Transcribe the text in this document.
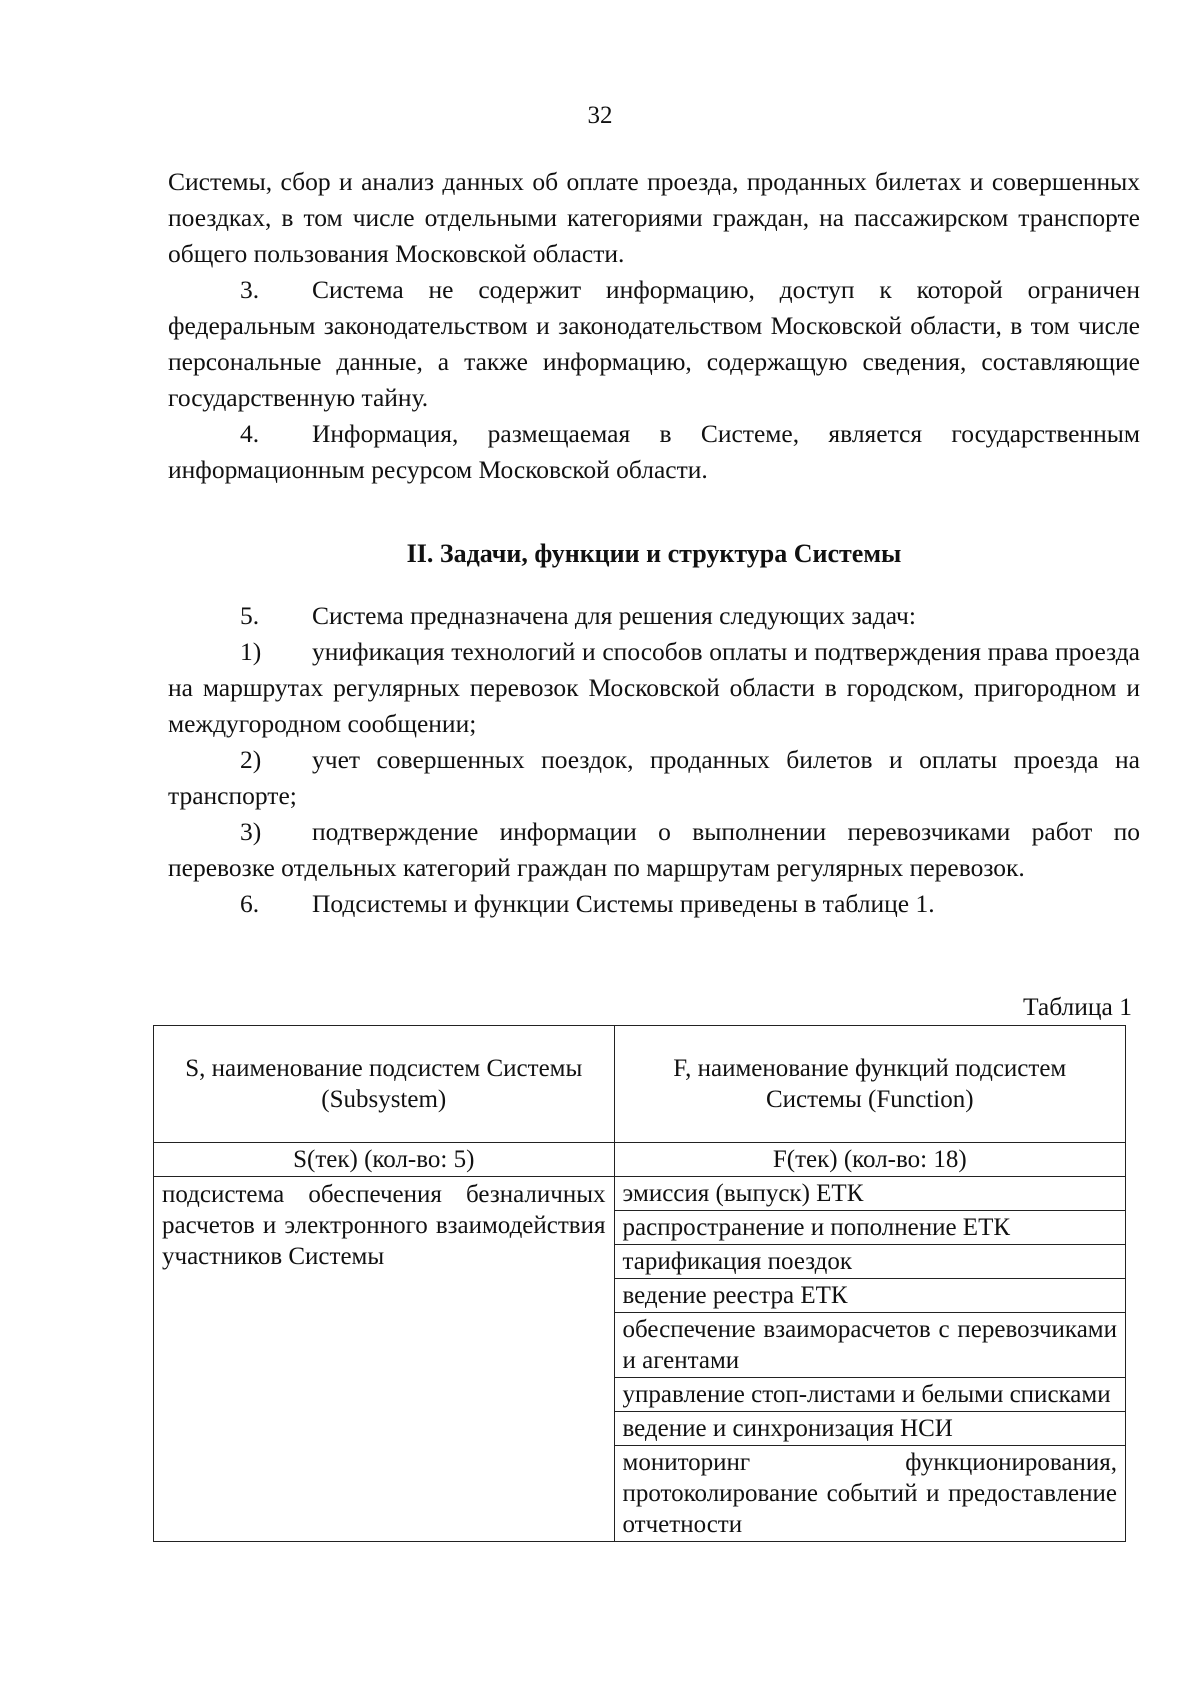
32

Системы, сбор и анализ данных об оплате проезда, проданных билетах и совершенных поездках, в том числе отдельными категориями граждан, на пассажирском транспорте общего пользования Московской области.

3. Система не содержит информацию, доступ к которой ограничен федеральным законодательством и законодательством Московской области, в том числе персональные данные, а также информацию, содержащую сведения, составляющие государственную тайну.

4. Информация, размещаемая в Системе, является государственным информационным ресурсом Московской области.

II. Задачи, функции и структура Системы

5. Система предназначена для решения следующих задач:

1) унификация технологий и способов оплаты и подтверждения права проезда на маршрутах регулярных перевозок Московской области в городском, пригородном и междугородном сообщении;

2) учет совершенных поездок, проданных билетов и оплаты проезда на транспорте;

3) подтверждение информации о выполнении перевозчиками работ по перевозке отдельных категорий граждан по маршрутам регулярных перевозок.

6. Подсистемы и функции Системы приведены в таблице 1.

Таблица 1
S, наименование подсистем Системы (Subsystem)	F, наименование функций подсистем Системы (Function)
S(тек) (кол-во: 5)	F(тек) (кол-во: 18)
подсистема обеспечения безналичных расчетов и электронного взаимодействия участников Системы	эмиссия (выпуск) ЕТК
	распространение и пополнение ЕТК
	тарификация поездок
	ведение реестра ЕТК
	обеспечение взаиморасчетов с перевозчиками и агентами
	управление стоп-листами и белыми списками
	ведение и синхронизация НСИ
	мониторинг функционирования, протоколирование событий и предоставление отчетности
